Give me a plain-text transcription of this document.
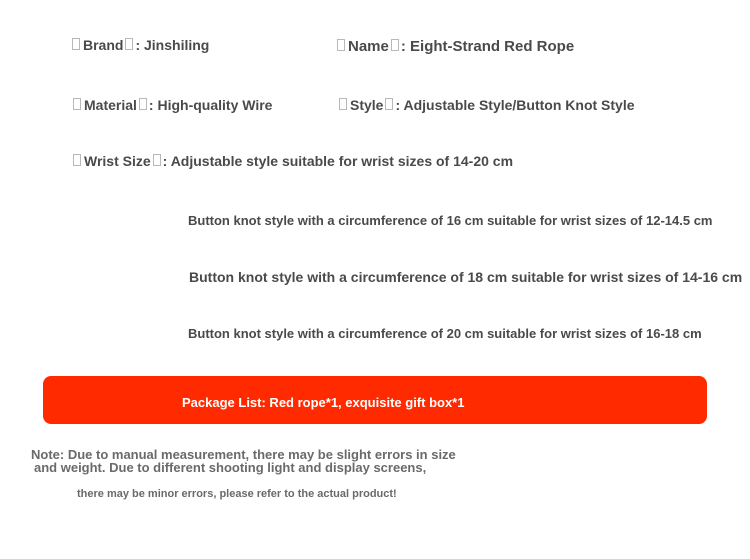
Brand : Jinshiling	Name : Eight-Strand Red Rope
Material : High-quality Wire	Style : Adjustable Style/Button Knot Style
Wrist Size : Adjustable style suitable for wrist sizes of 14-20 cm
Button knot style with a circumference of 16 cm suitable for wrist sizes of 12-14.5 cm
Button knot style with a circumference of 18 cm suitable for wrist sizes of 14-16 cm
Button knot style with a circumference of 20 cm suitable for wrist sizes of 16-18 cm
Package List: Red rope*1, exquisite gift box*1
Note: Due to manual measurement, there may be slight errors in size
and weight. Due to different shooting light and display screens,
there may be minor errors, please refer to the actual product!
